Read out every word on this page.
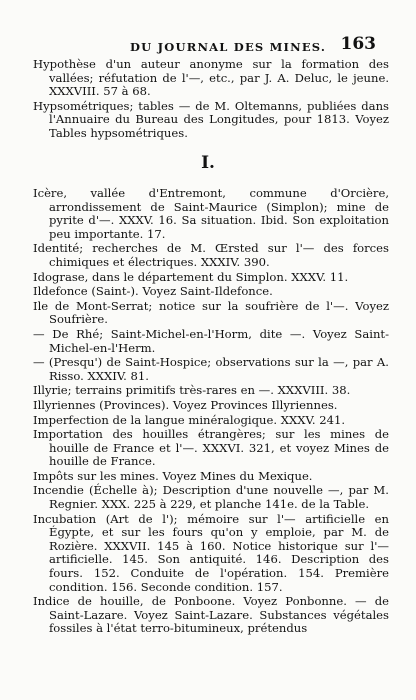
DU JOURNAL DES MINES. 163

Hypothèse d'un auteur anonyme sur la formation des vallées; réfutation de l'—, etc., par J. A. Deluc, le jeune. XXXVIII. 57 à 68.

Hypsométriques; tables — de M. Oltemanns, publiées dans l'Annuaire du Bureau des Longitudes, pour 1813. Voyez Tables hypsométriques.

I.

Icère, vallée d'Entremont, commune d'Orcière, arrondissement de Saint-Maurice (Simplon); mine de pyrite d'—. XXXV. 16. Sa situation. Ibid. Son exploitation peu importante. 17.

Identité; recherches de M. Œrsted sur l'— des forces chimiques et électriques. XXXIV. 390.

Idograse, dans le département du Simplon. XXXV. 11.

Ildefonce (Saint-). Voyez Saint-Ildefonce.

Ile de Mont-Serrat; notice sur la soufrière de l'—. Voyez Soufrière.

— De Rhé; Saint-Michel-en-l'Horm, dite —. Voyez Saint-Michel-en-l'Herm.

— (Presqu') de Saint-Hospice; observations sur la —, par A. Risso. XXXIV. 81.

Illyrie; terrains primitifs très-rares en —. XXXVIII. 38.

Illyriennes (Provinces). Voyez Provinces Illyriennes.

Imperfection de la langue minéralogique. XXXV. 241.

Importation des houilles étrangères; sur les mines de houille de France et l'—. XXXVI. 321, et voyez Mines de houille de France.

Impôts sur les mines. Voyez Mines du Mexique.

Incendie (Échelle à); Description d'une nouvelle —, par M. Regnier. XXX. 225 à 229, et planche 141e. de la Table.

Incubation (Art de l'); mémoire sur l'— artificielle en Égypte, et sur les fours qu'on y emploie, par M. de Rozière. XXXVII. 145 à 160. Notice historique sur l'— artificielle. 145. Son antiquité. 146. Description des fours. 152. Conduite de l'opération. 154. Première condition. 156. Seconde condition. 157.

Indice de houille, de Ponboone. Voyez Ponbonne. — de Saint-Lazare. Voyez Saint-Lazare. Substances végétales fossiles à l'état terro-bitumineux, prétendus
